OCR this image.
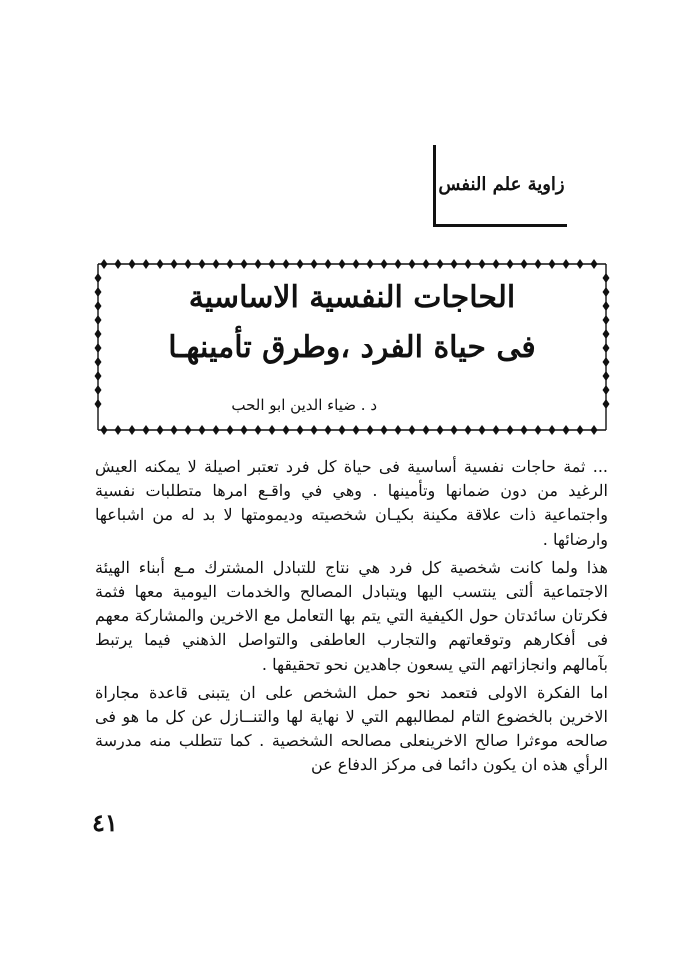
زاوية علم النفس
الحاجات النفسية الاساسية
فى حياة الفرد ،وطرق تأمينهـا
د . ضياء الدين ابو الحب

... ثمة حاجات نفسية أساسية فى حياة كل فرد تعتبر اصيلة لا يمكنه العيش الرغيد من دون ضمانها وتأمينها . وهي في واقـع امرها متطلبات نفسية واجتماعية ذات علاقة مكينة بكيـان شخصيته وديمومتها لا بد له من اشباعها وارضائها .

هذا ولما كانت شخصية كل فرد هي نتاج للتبادل المشترك مـع أبناء الهيئة الاجتماعية ألتى ينتسب اليها ويتبادل المصالح والخدمات اليومية معها فثمة فكرتان سائدتان حول الكيفية التي يتم بها التعامل مع الاخرين والمشاركة معهم فى أفكارهم وتوقعاتهم والتجارب العاطفى والتواصل الذهني فيما يرتبط بآمالهم وانجازاتهم التي يسعون جاهدين نحو تحقيقها .

اما الفكرة الاولى فتعمد نحو حمل الشخص على ان يتبنى قاعدة مجاراة الاخرين بالخضوع التام لمطالبهم التي لا نهاية لها والتنــازل عن كل ما هو فى صالحه موءثرا صالح الاخرينعلى مصالحه الشخصية . كما تتطلب منه مدرسة الرأي هذه ان يكون دائما فى مركز الدفاع عن

٤١
